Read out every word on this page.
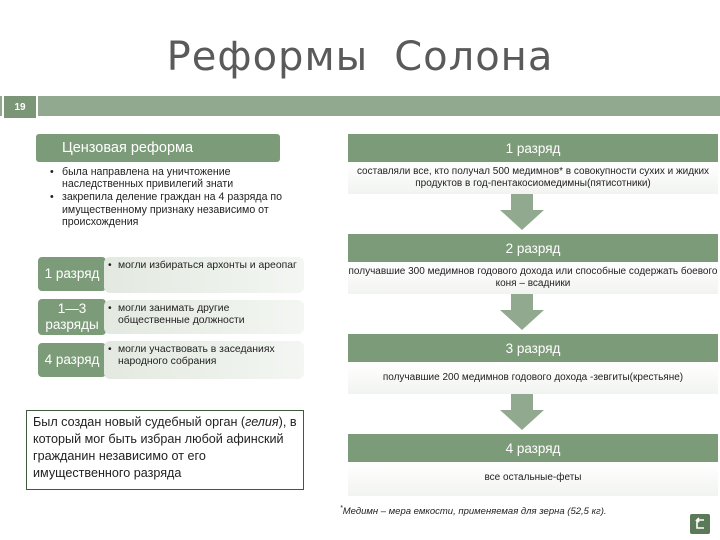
Реформы Солона
19
Цензовая реформа
• была направлена на уничтожение наследственных привилегий знати
• закрепила деление граждан на 4 разряда по имущественному признаку независимо от происхождения
1 разряд
• могли избираться архонты и ареопаг
1—3 разряды
• могли занимать другие общественные должности
4 разряд
• могли участвовать в заседаниях народного собрания
Был создан новый судебный орган (гелия), в который мог быть избран любой афинский гражданин независимо от его имущественного разряда
1 разряд
составляли все, кто получал 500 медимнов* в совокупности сухих и жидких продуктов в год-пентакосиомедимны(пятисотники)
2 разряд
получавшие 300 медимнов годового дохода или способные содержать боевого коня – всадники
3 разряд
получавшие 200 медимнов годового дохода -зевгиты(крестьяне)
4 разряд
все остальные-феты
*Медимн – мера емкости, применяемая для зерна (52,5 кг).
